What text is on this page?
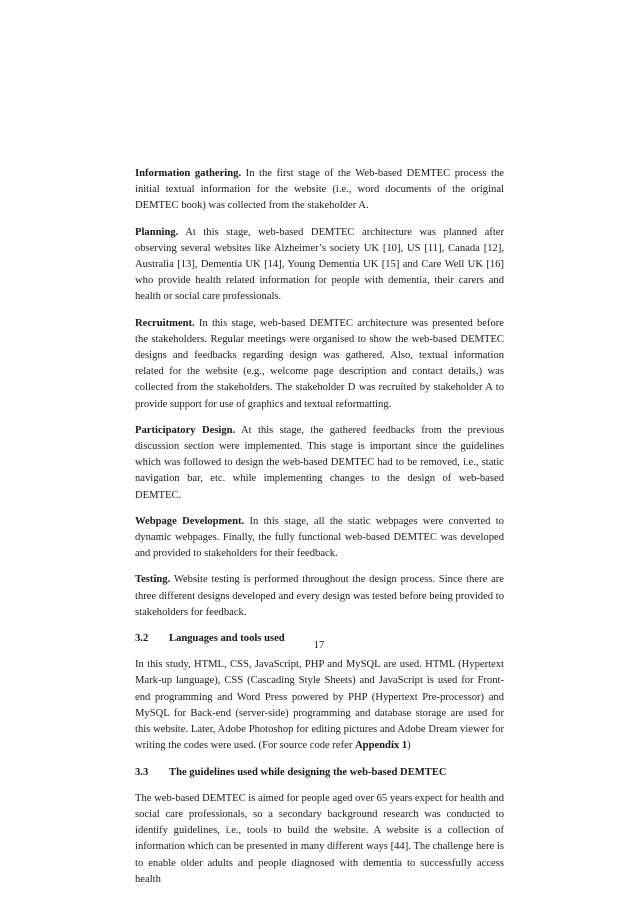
Information gathering. In the first stage of the Web-based DEMTEC process the initial textual information for the website (i.e., word documents of the original DEMTEC book) was collected from the stakeholder A.

Planning. At this stage, web-based DEMTEC architecture was planned after observing several websites like Alzheimer’s society UK [10], US [11], Canada [12], Australia [13], Dementia UK [14], Young Dementia UK [15] and Care Well UK [16] who provide health related information for people with dementia, their carers and health or social care professionals.

Recruitment. In this stage, web-based DEMTEC architecture was presented before the stakeholders. Regular meetings were organised to show the web-based DEMTEC designs and feedbacks regarding design was gathered. Also, textual information related for the website (e.g., welcome page description and contact details,) was collected from the stakeholders. The stakeholder D was recruited by stakeholder A to provide support for use of graphics and textual reformatting.

Participatory Design. At this stage, the gathered feedbacks from the previous discussion section were implemented. This stage is important since the guidelines which was followed to design the web-based DEMTEC had to be removed, i.e., static navigation bar, etc. while implementing changes to the design of web-based DEMTEC.

Webpage Development. In this stage, all the static webpages were converted to dynamic webpages. Finally, the fully functional web-based DEMTEC was developed and provided to stakeholders for their feedback.

Testing. Website testing is performed throughout the design process. Since there are three different designs developed and every design was tested before being provided to stakeholders for feedback.

3.2	Languages and tools used

In this study, HTML, CSS, JavaScript, PHP and MySQL are used. HTML (Hypertext Mark-up language), CSS (Cascading Style Sheets) and JavaScript is used for Front-end programming and Word Press powered by PHP (Hypertext Pre-processor) and MySQL for Back-end (server-side) programming and database storage are used for this website. Later, Adobe Photoshop for editing pictures and Adobe Dream viewer for writing the codes were used. (For source code refer Appendix 1)

3.3	The guidelines used while designing the web-based DEMTEC

The web-based DEMTEC is aimed for people aged over 65 years expect for health and social care professionals, so a secondary background research was conducted to identify guidelines, i.e., tools to build the website. A website is a collection of information which can be presented in many different ways [44]. The challenge here is to enable older adults and people diagnosed with dementia to successfully access health

17
